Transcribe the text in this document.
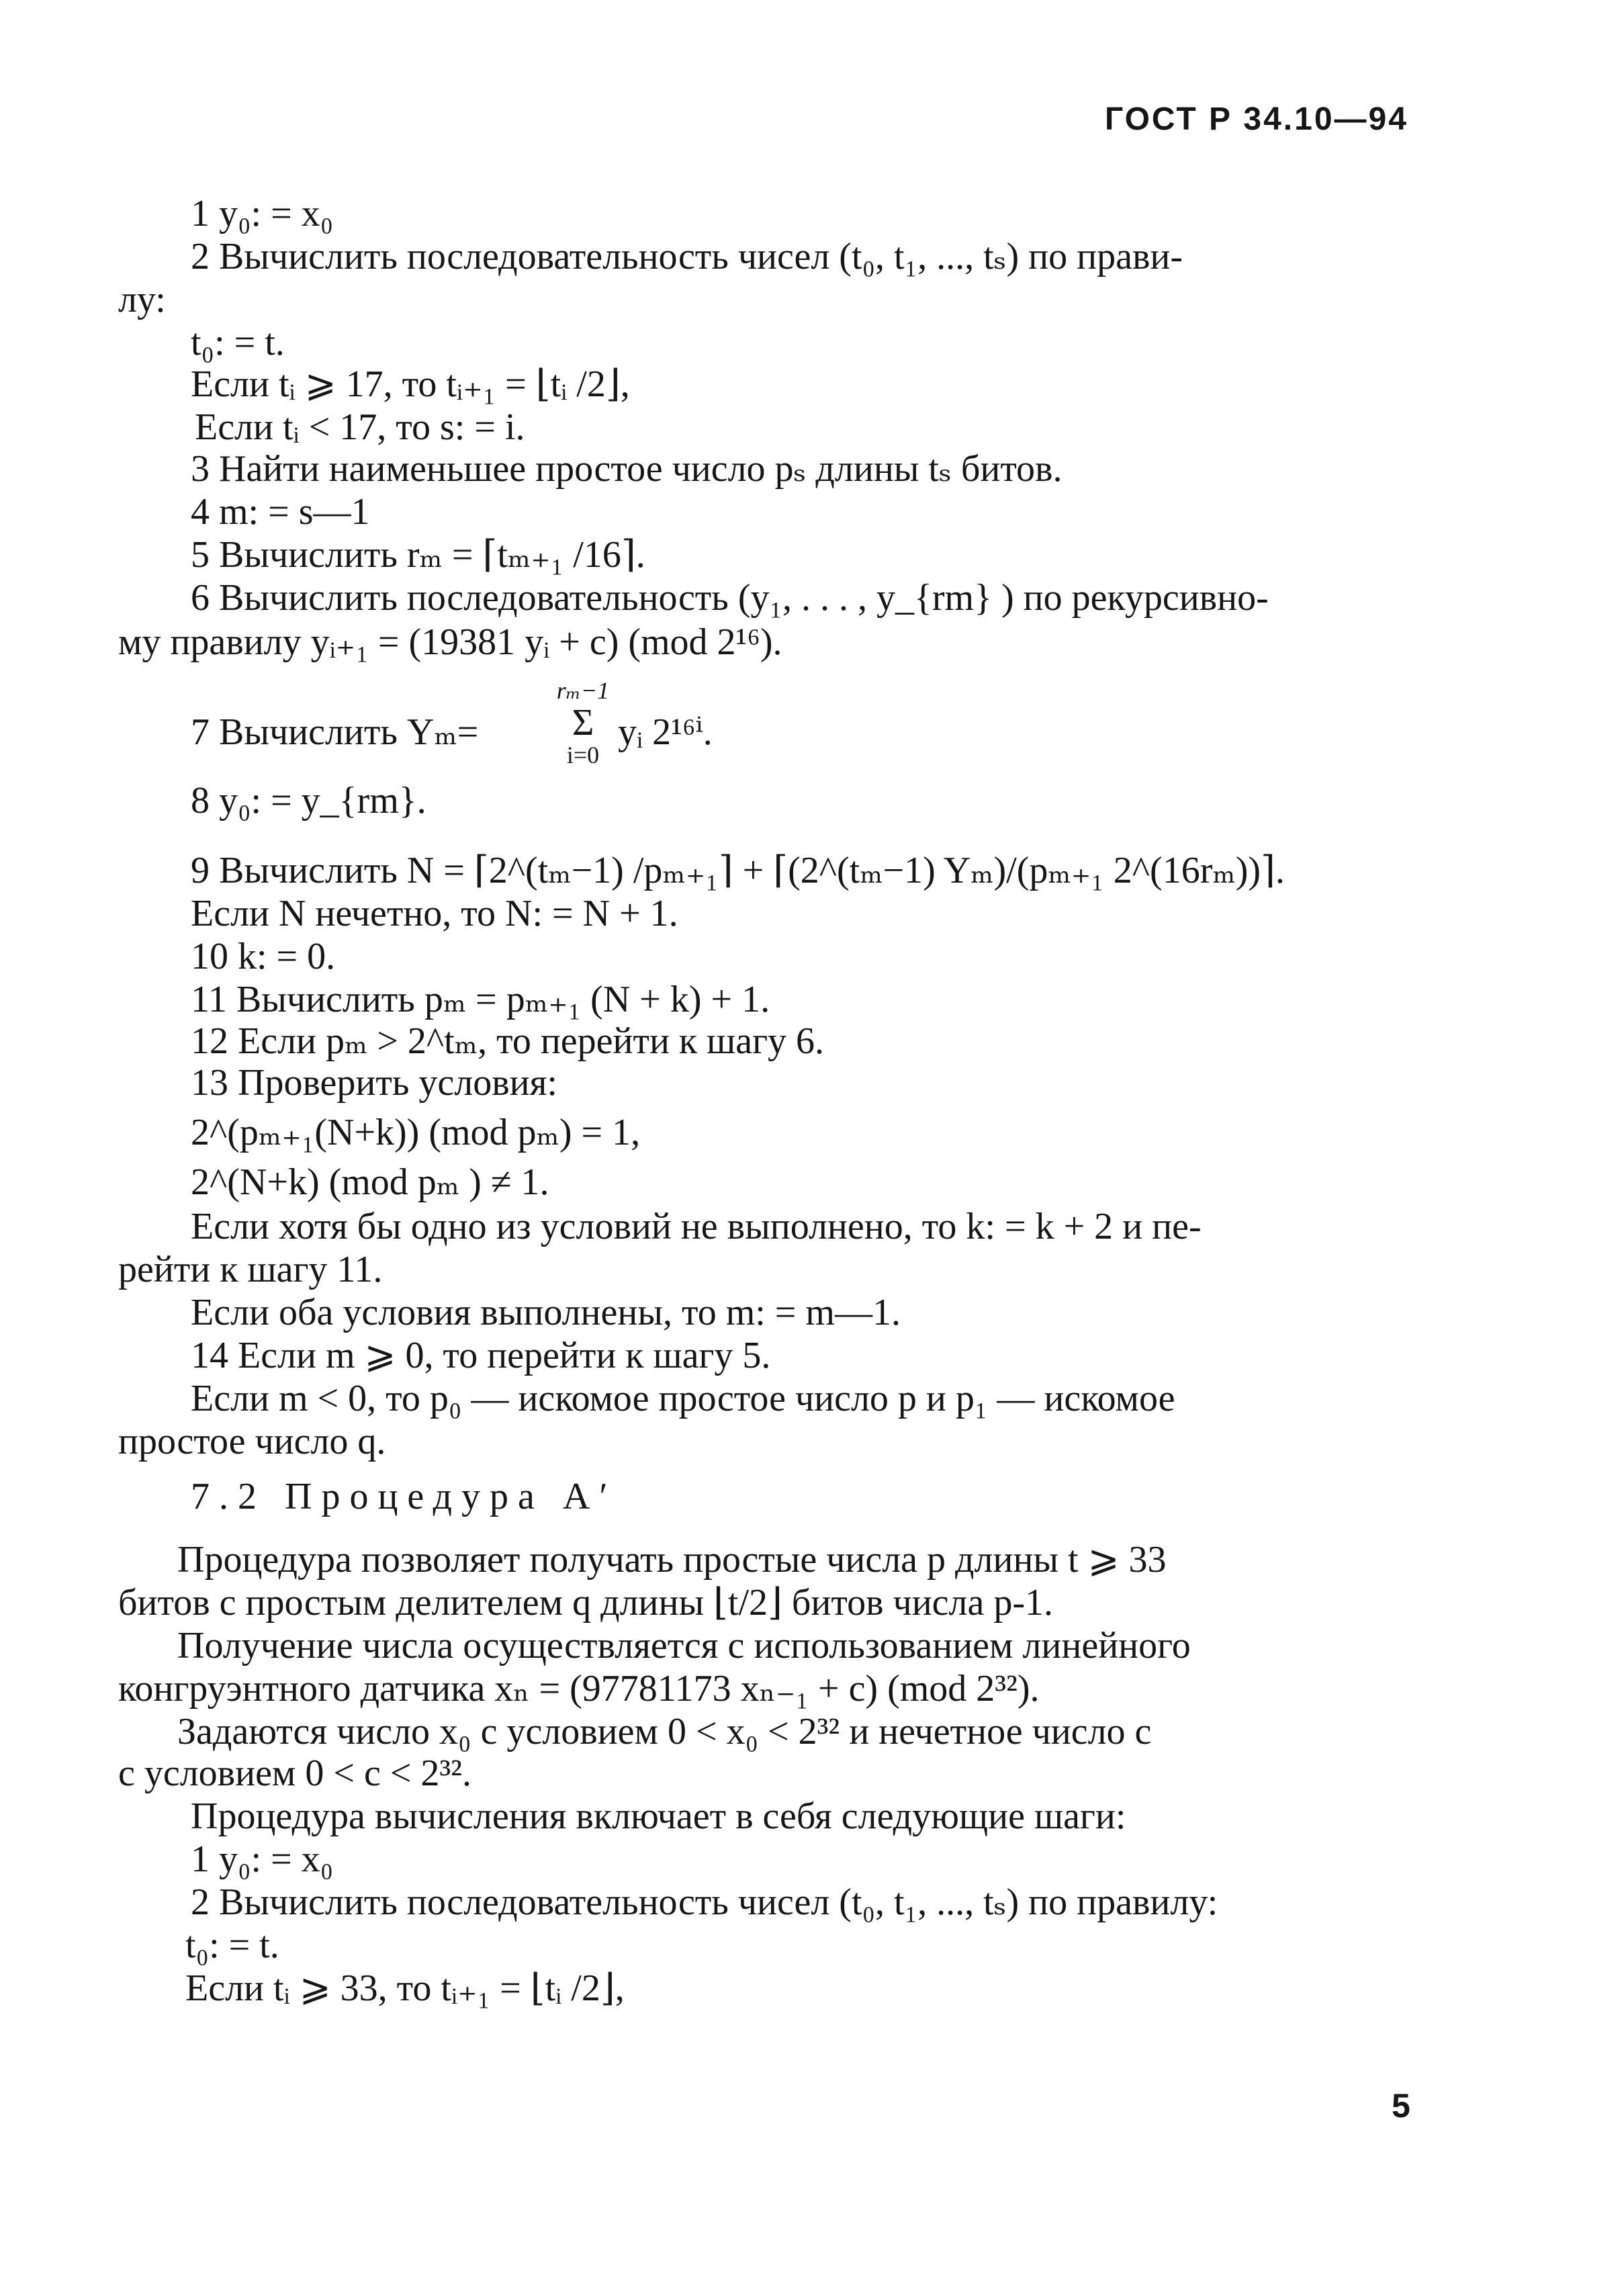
ГОСТ Р 34.10—94
1 y₀: = x₀
2 Вычислить последовательность чисел (t₀, t₁, ..., tₛ) по прави-
лу:
t₀: = t.
Если tᵢ ⩾ 17, то tᵢ₊₁ = ⌊tᵢ /2⌋,
Если tᵢ < 17, то s: = i.
3 Найти наименьшее простое число pₛ длины tₛ битов.
4 m: = s—1
5 Вычислить rₘ = ⌈tₘ₊₁ /16⌉.
6 Вычислить последовательность (y₁, . . . , y_{rm} ) по рекурсивно-
му правилу yᵢ₊₁ = (19381 yᵢ + c) (mod 2¹⁶).
7 Вычислить Yₘ=
rₘ−1
Σ
i=0
yᵢ 2¹⁶ⁱ.
8 y₀: = y_{rm}.
9 Вычислить N = ⌈2^(tₘ−1) /pₘ₊₁⌉ + ⌈(2^(tₘ−1) Yₘ)/(pₘ₊₁ 2^(16rₘ))⌉.
Если N нечетно, то N: = N + 1.
10 k: = 0.
11 Вычислить pₘ = pₘ₊₁ (N + k) + 1.
12 Если pₘ > 2^tₘ, то перейти к шагу 6.
13 Проверить условия:
2^(pₘ₊₁(N+k)) (mod pₘ) = 1,
2^(N+k) (mod pₘ ) ≠ 1.
Если хотя бы одно из условий не выполнено, то k: = k + 2 и пе-
рейти к шагу 11.
Если оба условия выполнены, то m: = m—1.
14 Если m ⩾ 0, то перейти к шагу 5.
Если m < 0, то p₀ — искомое простое число p и p₁ — искомое
простое число q.
7.2 Процедура A′
Процедура позволяет получать простые числа p длины t ⩾ 33
битов с простым делителем q длины ⌊t/2⌋ битов числа p-1.
Получение числа осуществляется с использованием линейного
конгруэнтного датчика xₙ = (97781173 xₙ₋₁ + c) (mod 2³²).
Задаются число x₀ с условием 0 < x₀ < 2³² и нечетное число c
с условием 0 < c < 2³².
Процедура вычисления включает в себя следующие шаги:
1 y₀: = x₀
2 Вычислить последовательность чисел (t₀, t₁, ..., tₛ) по правилу:
t₀: = t.
Если tᵢ ⩾ 33, то tᵢ₊₁ = ⌊tᵢ /2⌋,
5
